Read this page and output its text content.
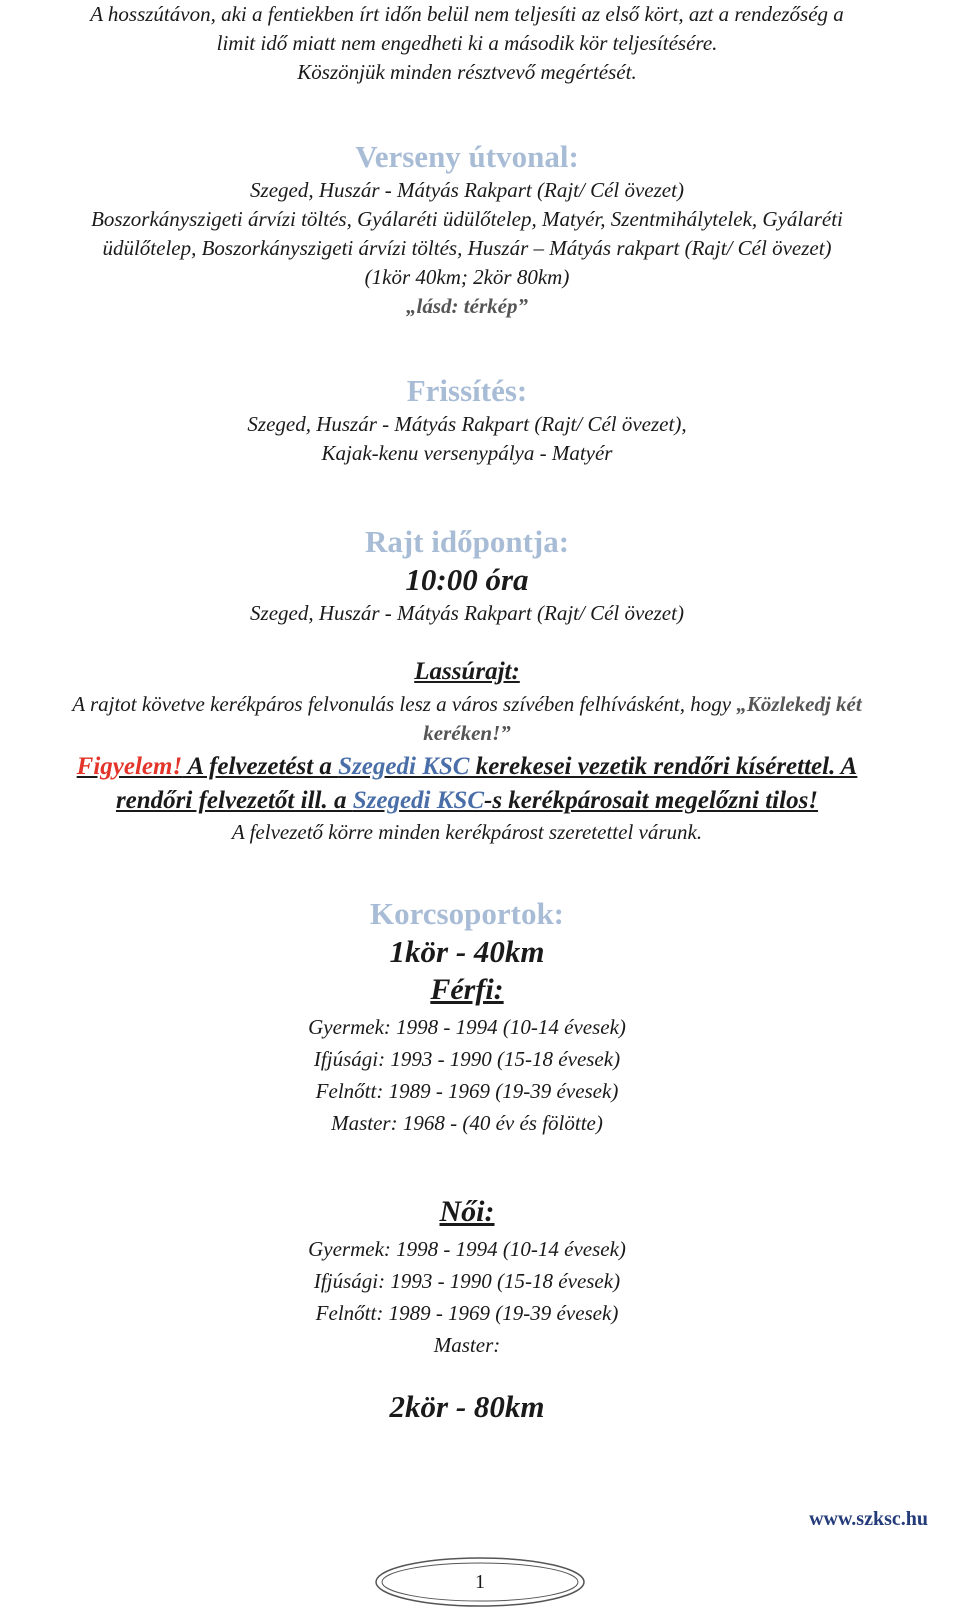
A hosszútávon, aki a fentiekben írt időn belül nem teljesíti az első kört, azt a rendezőség a
limit idő miatt nem engedheti ki a második kör teljesítésére.
Köszönjük minden résztvevő megértését.
Verseny útvonal:
Szeged, Huszár - Mátyás Rakpart (Rajt/ Cél övezet)
Boszorkányszigeti árvízi töltés, Gyálaréti üdülőtelep, Matyér, Szentmihálytelek, Gyálaréti
üdülőtelep, Boszorkányszigeti árvízi töltés, Huszár – Mátyás rakpart (Rajt/ Cél övezet)
(1kör 40km; 2kör 80km)
„lásd: térkép”
Frissítés:
Szeged, Huszár - Mátyás Rakpart (Rajt/ Cél övezet),
Kajak-kenu versenypálya - Matyér
Rajt időpontja:
10:00 óra
Szeged, Huszár - Mátyás Rakpart (Rajt/ Cél övezet)
Lassúrajt:
A rajtot követve kerékpáros felvonulás lesz a város szívében felhívásként, hogy „Közlekedj két
keréken!”
Figyelem! A felvezetést a Szegedi KSC kerekesei vezetik rendőri kísérettel. A
rendőri felvezetőt ill. a Szegedi KSC-s kerékpárosait megelőzni tilos!
A felvezető körre minden kerékpárost szeretettel várunk.
Korcsoportok:
1kör - 40km
Férfi:
Gyermek: 1998 - 1994 (10-14 évesek)
Ifjúsági: 1993 - 1990 (15-18 évesek)
Felnőtt: 1989 - 1969 (19-39 évesek)
Master: 1968 - (40 év és fölötte)
Női:
Gyermek: 1998 - 1994 (10-14 évesek)
Ifjúsági: 1993 - 1990 (15-18 évesek)
Felnőtt: 1989 - 1969 (19-39 évesek)
Master:
2kör - 80km
www.szksc.hu
1
